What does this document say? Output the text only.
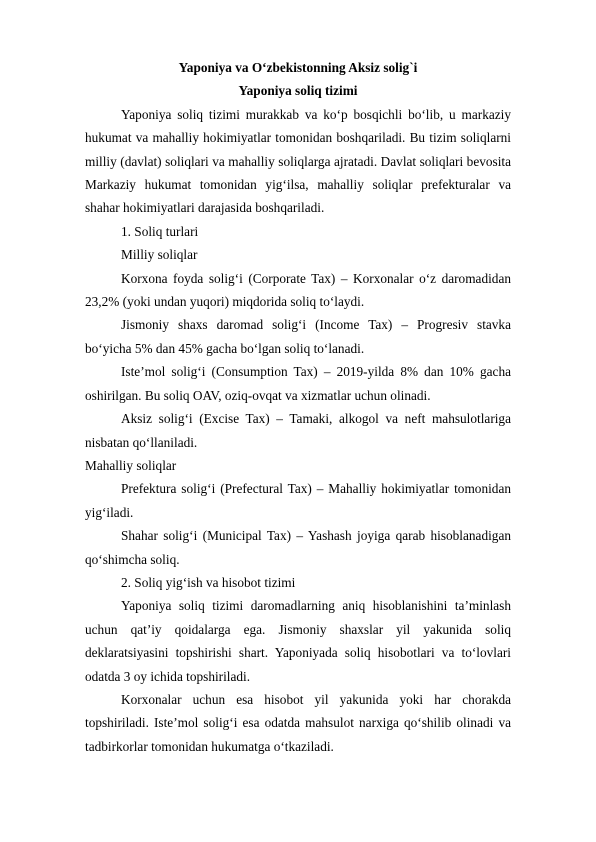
Yaponiya va O‘zbekistonning Aksiz solig`i
Yaponiya soliq tizimi

Yaponiya soliq tizimi murakkab va ko‘p bosqichli bo‘lib, u markaziy hukumat va mahalliy hokimiyatlar tomonidan boshqariladi. Bu tizim soliqlarni milliy (davlat) soliqlari va mahalliy soliqlarga ajratadi. Davlat soliqlari bevosita Markaziy hukumat tomonidan yig‘ilsa, mahalliy soliqlar prefekturalar va shahar hokimiyatlari darajasida boshqariladi.

1. Soliq turlari

Milliy soliqlar

Korxona foyda solig‘i (Corporate Tax) – Korxonalar o‘z daromadidan 23,2% (yoki undan yuqori) miqdorida soliq to‘laydi.

Jismoniy shaxs daromad solig‘i (Income Tax) – Progresiv stavka bo‘yicha 5% dan 45% gacha bo‘lgan soliq to‘lanadi.

Iste’mol solig‘i (Consumption Tax) – 2019-yilda 8% dan 10% gacha oshirilgan. Bu soliq OAV, oziq-ovqat va xizmatlar uchun olinadi.

Aksiz solig‘i (Excise Tax) – Tamaki, alkogol va neft mahsulotlariga nisbatan qo‘llaniladi.

Mahalliy soliqlar

Prefektura solig‘i (Prefectural Tax) – Mahalliy hokimiyatlar tomonidan yig‘iladi.

Shahar solig‘i (Municipal Tax) – Yashash joyiga qarab hisoblanadigan qo‘shimcha soliq.

2. Soliq yig‘ish va hisobot tizimi

Yaponiya soliq tizimi daromadlarning aniq hisoblanishini ta’minlash uchun qat’iy qoidalarga ega. Jismoniy shaxslar yil yakunida soliq deklaratsiyasini topshirishi shart. Yaponiyada soliq hisobotlari va to‘lovlari odatda 3 oy ichida topshiriladi.

Korxonalar uchun esa hisobot yil yakunida yoki har chorakda topshiriladi. Iste’mol solig‘i esa odatda mahsulot narxiga qo‘shilib olinadi va tadbirkorlar tomonidan hukumatga o‘tkaziladi.
